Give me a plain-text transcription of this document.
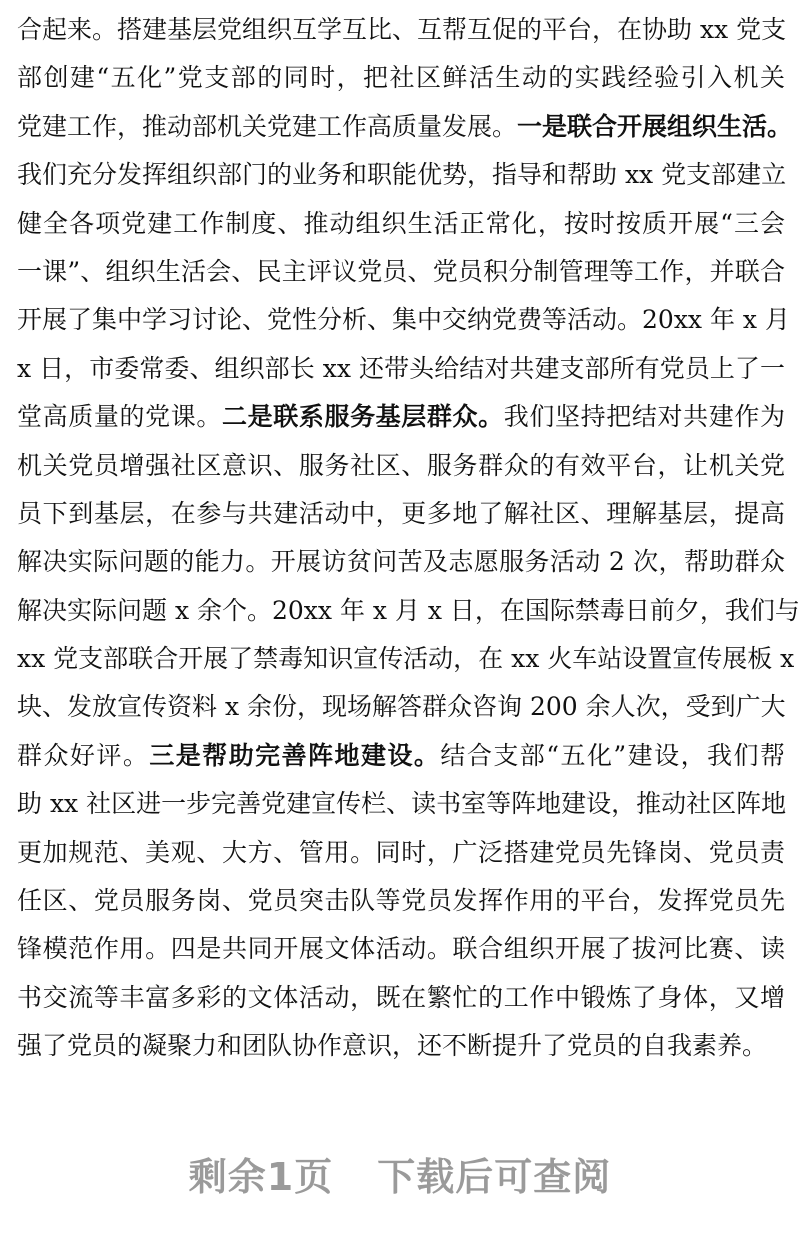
合起来。搭建基层党组织互学互比、互帮互促的平台，在协助 xx 党支
部创建“五化”党支部的同时，把社区鲜活生动的实践经验引入机关
党建工作，推动部机关党建工作高质量发展。一是联合开展组织生活。
我们充分发挥组织部门的业务和职能优势，指导和帮助 xx 党支部建立
健全各项党建工作制度、推动组织生活正常化，按时按质开展“三会
一课”、组织生活会、民主评议党员、党员积分制管理等工作，并联合
开展了集中学习讨论、党性分析、集中交纳党费等活动。20xx 年 x 月
x 日，市委常委、组织部长 xx 还带头给结对共建支部所有党员上了一
堂高质量的党课。二是联系服务基层群众。我们坚持把结对共建作为
机关党员增强社区意识、服务社区、服务群众的有效平台，让机关党
员下到基层，在参与共建活动中，更多地了解社区、理解基层，提高
解决实际问题的能力。开展访贫问苦及志愿服务活动 2 次，帮助群众
解决实际问题 x 余个。20xx 年 x 月 x 日，在国际禁毒日前夕，我们与
xx 党支部联合开展了禁毒知识宣传活动，在 xx 火车站设置宣传展板 x
块、发放宣传资料 x 余份，现场解答群众咨询 200 余人次，受到广大
群众好评。三是帮助完善阵地建设。结合支部“五化”建设，我们帮
助 xx 社区进一步完善党建宣传栏、读书室等阵地建设，推动社区阵地
更加规范、美观、大方、管用。同时，广泛搭建党员先锋岗、党员责
任区、党员服务岗、党员突击队等党员发挥作用的平台，发挥党员先
锋模范作用。四是共同开展文体活动。联合组织开展了拔河比赛、读
书交流等丰富多彩的文体活动，既在繁忙的工作中锻炼了身体，又增
强了党员的凝聚力和团队协作意识，还不断提升了党员的自我素养。
剩余1页 下载后可查阅
